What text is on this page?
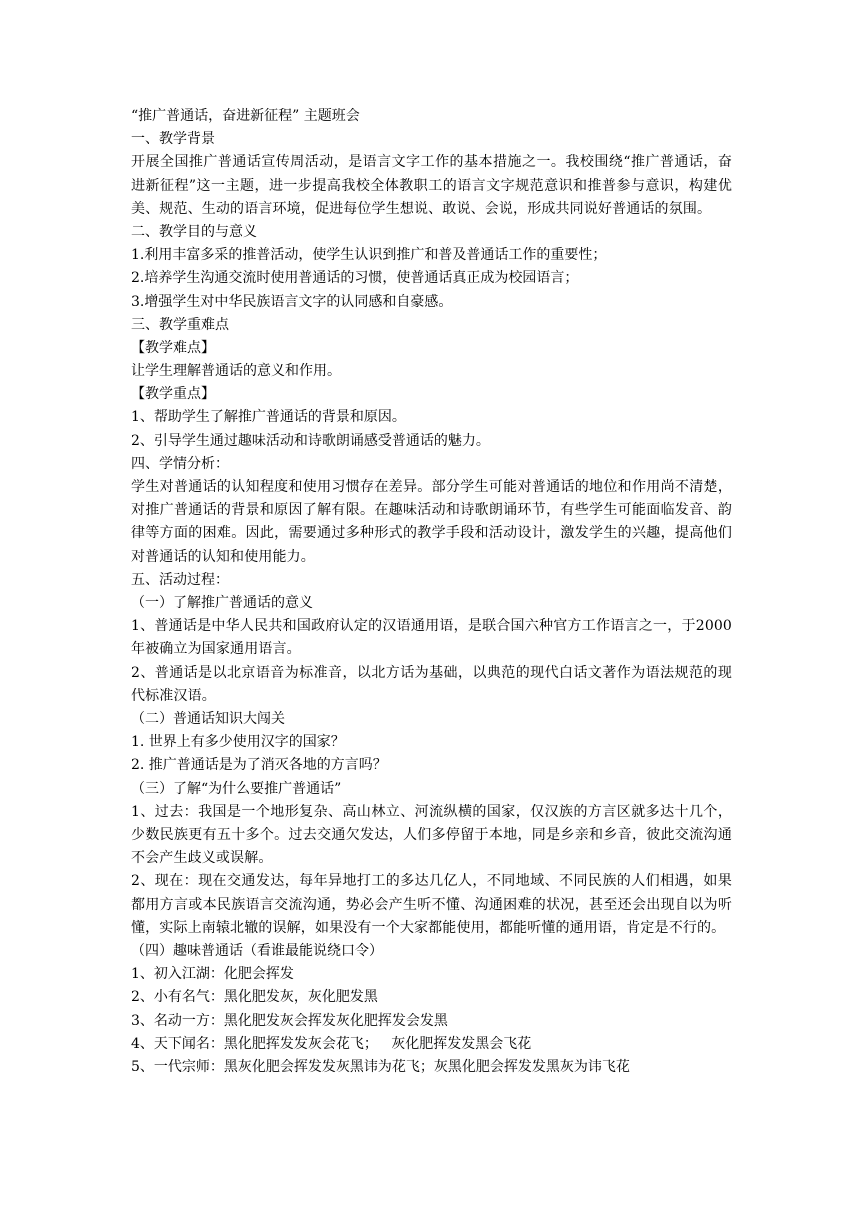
“推广普通话，奋进新征程” 主题班会
一、教学背景

开展全国推广普通话宣传周活动，是语言文字工作的基本措施之一。我校围绕“推广普通话，奋进新征程”这一主题，进一步提高我校全体教职工的语言文字规范意识和推普参与意识，构建优美、规范、生动的语言环境，促进每位学生想说、敢说、会说，形成共同说好普通话的氛围。

二、教学目的与意义
1.利用丰富多采的推普活动，使学生认识到推广和普及普通话工作的重要性；
2.培养学生沟通交流时使用普通话的习惯，使普通话真正成为校园语言；
3.增强学生对中华民族语言文字的认同感和自豪感。
三、教学重难点
【教学难点】
让学生理解普通话的意义和作用。
【教学重点】
1、帮助学生了解推广普通话的背景和原因。
2、引导学生通过趣味活动和诗歌朗诵感受普通话的魅力。
四、学情分析：

学生对普通话的认知程度和使用习惯存在差异。部分学生可能对普通话的地位和作用尚不清楚，对推广普通话的背景和原因了解有限。在趣味活动和诗歌朗诵环节，有些学生可能面临发音、韵律等方面的困难。因此，需要通过多种形式的教学手段和活动设计，激发学生的兴趣，提高他们对普通话的认知和使用能力。

五、活动过程：
（一）了解推广普通话的意义

1、普通话是中华人民共和国政府认定的汉语通用语，是联合国六种官方工作语言之一，于2000年被确立为国家通用语言。

2、普通话是以北京语音为标准音，以北方话为基础，以典范的现代白话文著作为语法规范的现代标准汉语。

（二）普通话知识大闯关
1. 世界上有多少使用汉字的国家？
2. 推广普通话是为了消灭各地的方言吗？
（三）了解“为什么要推广普通话”

1、过去：我国是一个地形复杂、高山林立、河流纵横的国家，仅汉族的方言区就多达十几个，少数民族更有五十多个。过去交通欠发达，人们多停留于本地，同是乡亲和乡音，彼此交流沟通不会产生歧义或误解。

2、现在：现在交通发达，每年异地打工的多达几亿人，不同地域、不同民族的人们相遇，如果都用方言或本民族语言交流沟通，势必会产生听不懂、沟通困难的状况，甚至还会出现自以为听懂，实际上南辕北辙的误解，如果没有一个大家都能使用，都能听懂的通用语，肯定是不行的。

（四）趣味普通话（看谁最能说绕口令）
1、初入江湖：化肥会挥发
2、小有名气：黑化肥发灰，灰化肥发黑
3、名动一方：黑化肥发灰会挥发灰化肥挥发会发黑
4、天下闻名：黑化肥挥发发灰会花飞；   灰化肥挥发发黑会飞花
5、一代宗师：黑灰化肥会挥发发灰黑讳为花飞；灰黑化肥会挥发发黑灰为讳飞花
